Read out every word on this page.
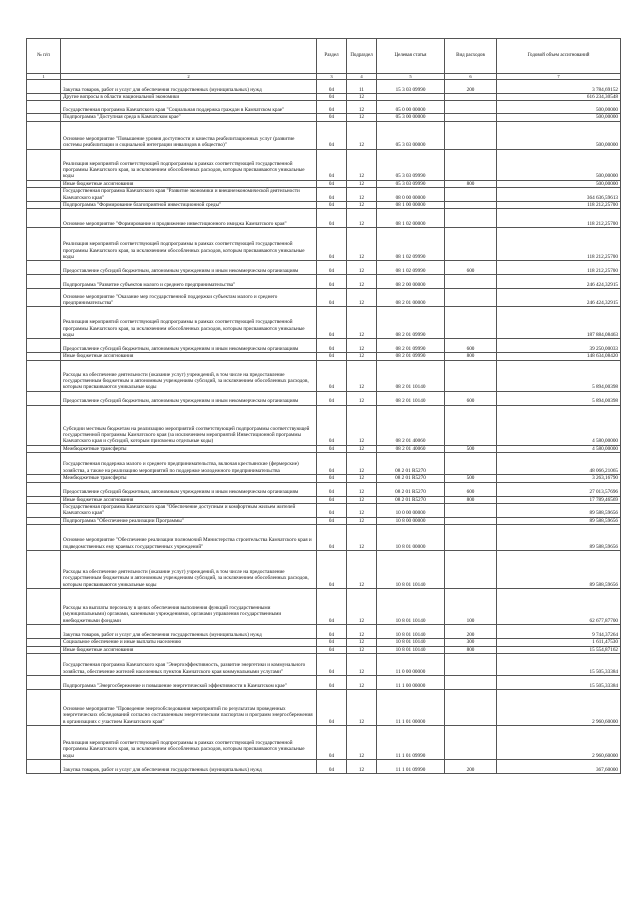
№ п/п		Раздел	Подраздел	Целевая статья	Вид расходов	Годовой объем ассигнований
1	2	3	4	5	6	7
	Закупка товаров, работ и услуг для обеспечения государственных (муниципальных) нужд	04	11	15 3 03 09990	200	3 784,69152
	Другие вопросы в области национальной экономики	04	12			616 234,30548
	Государственная программа Камчатского края "Социальная поддержка граждан в Камчатском крае"	04	12	05 0 00 00000		500,00000
	Подпрограмма "Доступная среда в Камчатском крае"	04	12	05 3 00 00000		500,00000
	Основное мероприятие "Повышение уровня доступности и качества реабилитационных услуг (развитие системы реабилитации и социальной интеграции инвалидов в общество)"	04	12	05 3 03 00000		500,00000
	Реализация мероприятий соответствующей подпрограммы в рамках соответствующей государственной программы Камчатского края, за исключением обособленных расходов, которым присваиваются уникальные коды	04	12	05 3 03 09990		500,00000
	Иные бюджетные ассигнования	04	12	05 3 03 09990	800	500,00000
	Государственная программа Камчатского края "Развитие экономики и внешнеэкономической деятельности Камчатского края"	04	12	08 0 00 00000		364 636,59613
	Подпрограмма "Формирование благоприятной инвестиционной среды"	04	12	08 1 00 00000		118 212,25700
	Основное мероприятие "Формирование и продвижение инвестиционного имиджа Камчатского края"	04	12	08 1 02 00000		118 212,25700
	Реализация мероприятий соответствующей подпрограммы в рамках соответствующей государственной программы Камчатского края, за исключением обособленных расходов, которым присваиваются уникальные коды	04	12	08 1 02 09990		118 212,25700
	Предоставление субсидий бюджетным, автономным учреждениям и иным некоммерческим организациям	04	12	08 1 02 09990	600	118 212,25700
	Подпрограмма "Развитие субъектов малого и среднего предпринимательства"	04	12	08 2 00 00000		246 424,32915
	Основное мероприятие "Оказание мер государственной поддержки субъектам малого и среднего предпринимательства"	04	12	08 2 01 00000		246 424,32915
	Реализация мероприятий соответствующей подпрограммы в рамках соответствующей государственной программы Камчатского края, за исключением обособленных расходов, которым присваиваются уникальные коды	04	12	08 2 01 09990		187 884,08463
	Предоставление субсидий бюджетным, автономным учреждениям и иным некоммерческим организациям	04	12	08 2 01 09990	600	39 250,00033
	Иные бюджетные ассигнования	04	12	08 2 01 09990	800	148 634,08420
	Расходы на обеспечение деятельности (оказание услуг) учреждений, в том числе на предоставление государственным бюджетным и автономным учреждениям субсидий, за исключением обособленных расходов, которым присваиваются уникальные коды	04	12	08 2 01 10140		5 894,00398
	Предоставление субсидий бюджетным, автономным учреждениям и иным некоммерческим организациям	04	12	08 2 01 10140	600	5 894,00398
	Субсидии местным бюджетам на реализацию мероприятий соответствующей подпрограммы соответствующей государственной программы Камчатского края (за исключением мероприятий Инвестиционной программы Камчатского края и субсидий, которым присвоены отдельные коды)	04	12	08 2 01 40060		4 580,00000
	Межбюджетные трансферты	04	12	08 2 01 40060	500	4 580,00000
	Государственная поддержка малого и среднего предпринимательства, включая крестьянские (фермерские) хозяйства, а также на реализацию мероприятий по поддержке молодежного предпринимательства	04	12	08 2 01 R5270		48 066,21065
	Межбюджетные трансферты	04	12	08 2 01 R5270	500	3 263,16790
	Предоставление субсидий бюджетным, автономным учреждениям и иным некоммерческим организациям	04	12	08 2 01 R5270	600	27 013,57696
	Иные бюджетные ассигнования	04	12	08 2 01 R5270	800	17 789,46569
	Государственная программа Камчатского края "Обеспечение доступным и комфортным жильем жителей Камчатского края"	04	12	10 0 00 00000		89 588,59656
	Подпрограмма "Обеспечение реализации Программы"	04	12	10 8 00 00000		89 588,59656
	Основное мероприятие "Обеспечение реализации полномочий Министерства строительства Камчатского края и подведомственных ему краевых государственных учреждений"	04	12	10 8 01 00000		89 588,59656
	Расходы на обеспечение деятельности (оказание услуг) учреждений, в том числе на предоставление государственным бюджетным и автономным учреждениям субсидий, за исключением обособленных расходов, которым присваиваются уникальные коды	04	12	10 8 01 10140		89 588,59656
	Расходы на выплаты персоналу в целях обеспечения выполнения функций государственными (муниципальными) органами, казенными учреждениями, органами управления государственными внебюджетными фондами	04	12	10 8 01 10140	100	62 677,87700
	Закупка товаров, работ и услуг для обеспечения государственных (муниципальных) нужд	04	12	10 8 01 10140	200	9 744,37264
	Социальное обеспечение и иные выплаты населению	04	12	10 8 01 10140	300	1 611,47530
	Иные бюджетные ассигнования	04	12	10 8 01 10140	800	15 554,87162
	Государственная программа Камчатского края "Энергоэффективность, развитие энергетики и коммунального хозяйства, обеспечение жителей населенных пунктов Камчатского края коммунальными услугами"	04	12	11 0 00 00000		15 505,33384
	Подпрограмма "Энергосбережение и повышение энергетической эффективности в Камчатском крае"	04	12	11 1 00 00000		15 505,33384
	Основное мероприятие "Проведение энергообследования мероприятий по результатам проведенных энергетических обследований согласно составленным энергетическим паспортам и программ энергосбережения в организациях с участием Камчатского края"	04	12	11 1 01 00000		2 960,60000
	Реализация мероприятий соответствующей подпрограммы в рамках соответствующей государственной программы Камчатского края, за исключением обособленных расходов, которым присваиваются уникальные коды	04	12	11 1 01 09990		2 960,60000
	Закупка товаров, работ и услуг для обеспечения государственных (муниципальных) нужд	04	12	11 1 01 09990	200	367,60000
